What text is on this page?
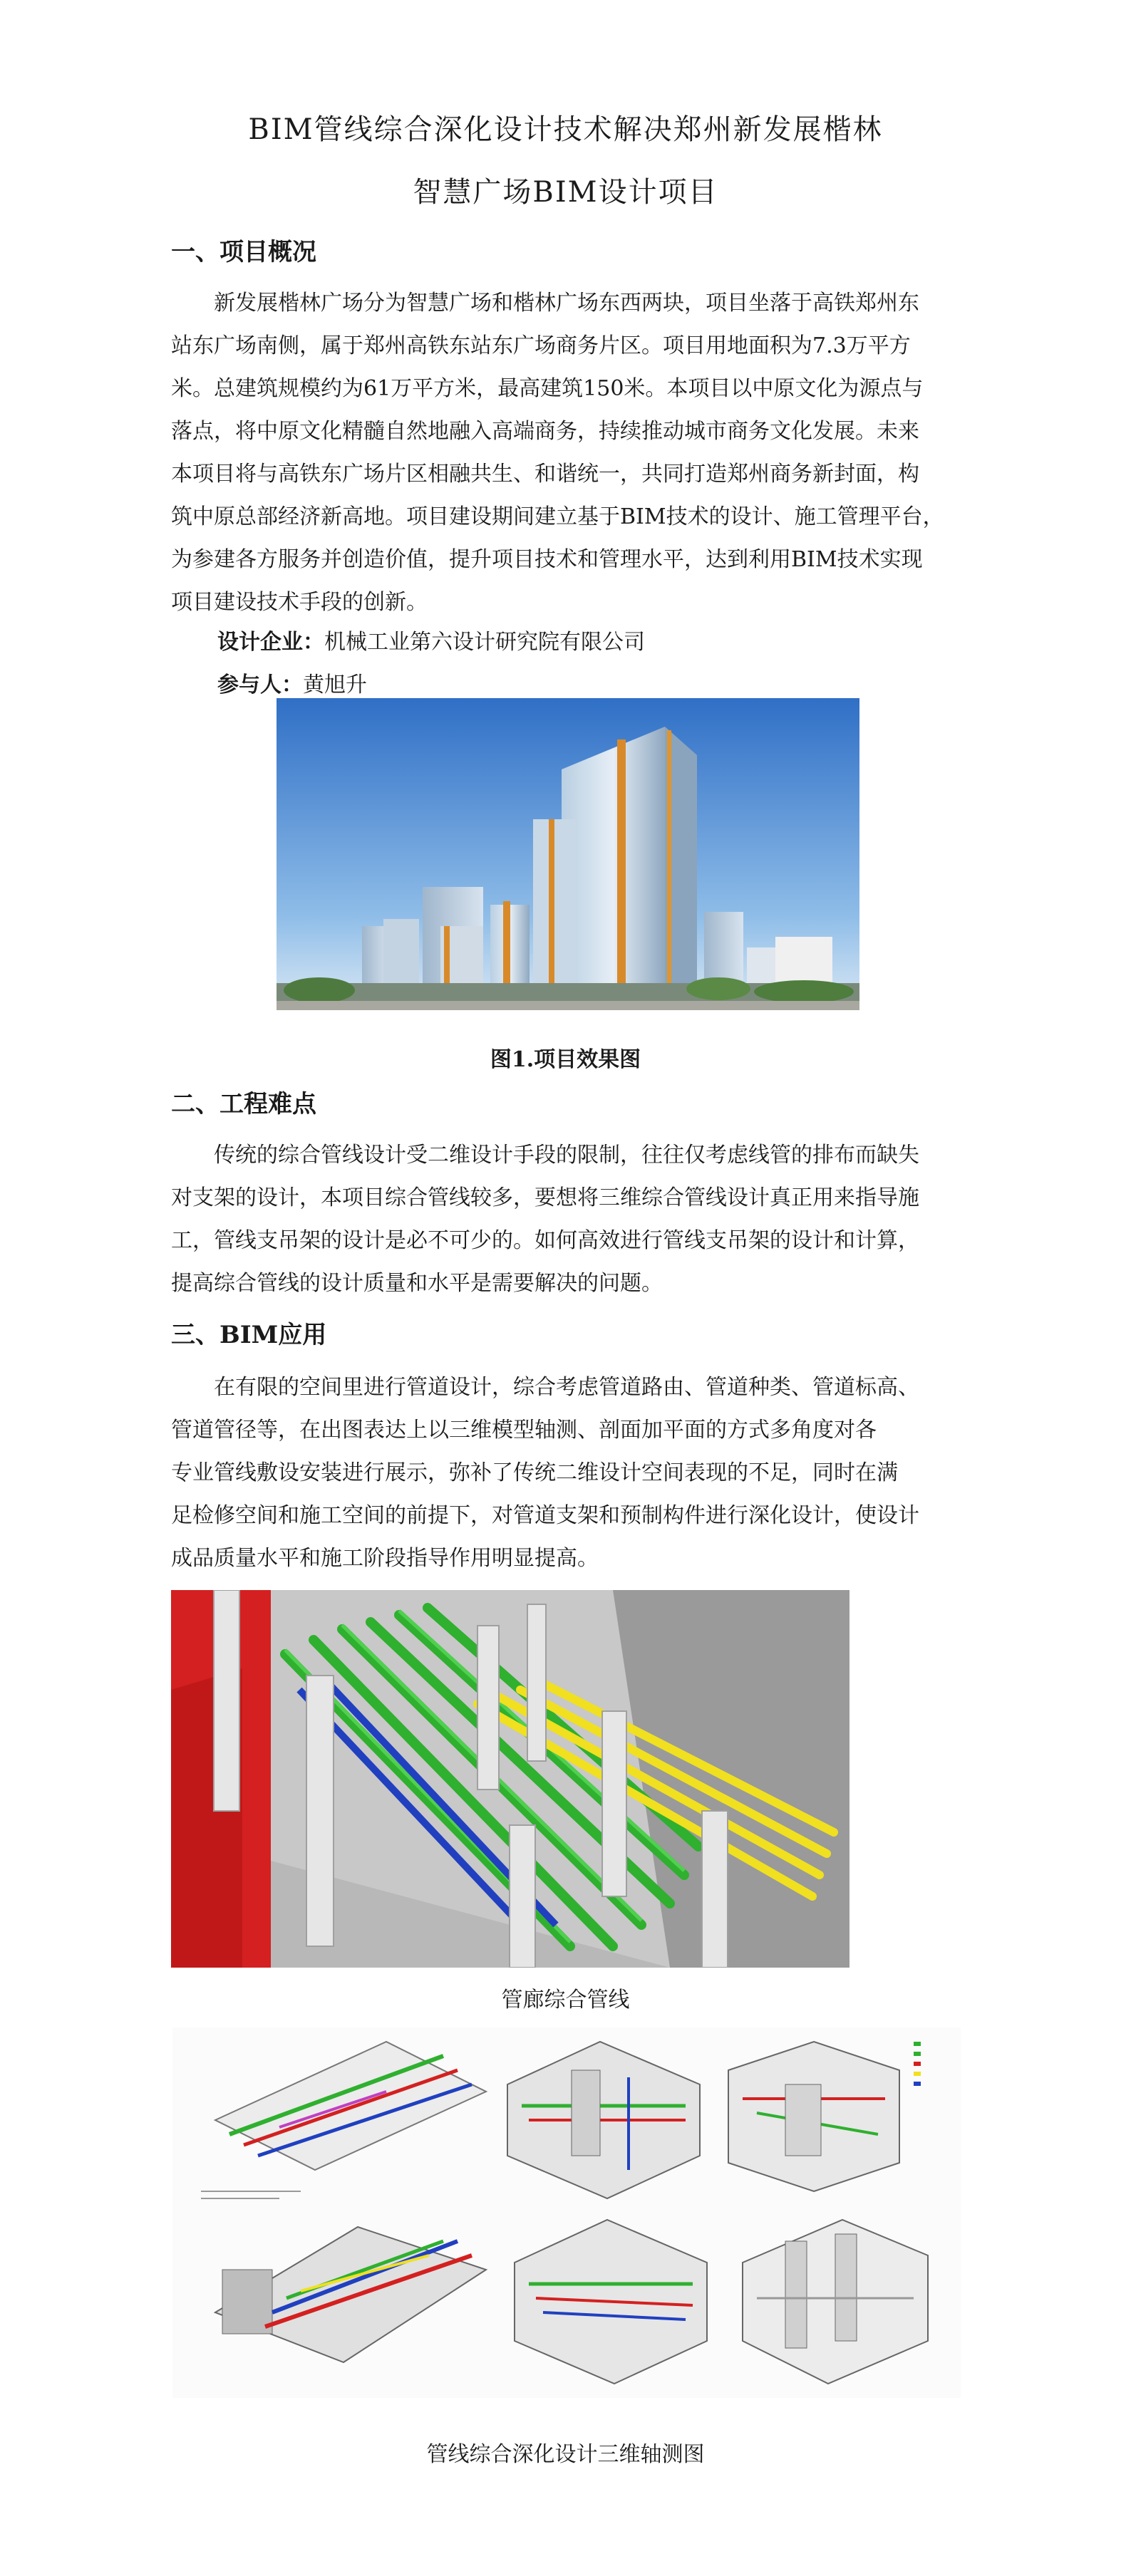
BIM管线综合深化设计技术解决郑州新发展楷林
智慧广场BIM设计项目
一、项目概况
　　新发展楷林广场分为智慧广场和楷林广场东西两块，项目坐落于高铁郑州东
站东广场南侧，属于郑州高铁东站东广场商务片区。项目用地面积为7.3万平方
米。总建筑规模约为61万平方米，最高建筑150米。本项目以中原文化为源点与
落点，将中原文化精髓自然地融入高端商务，持续推动城市商务文化发展。未来
本项目将与高铁东广场片区相融共生、和谐统一，共同打造郑州商务新封面，构
筑中原总部经济新高地。项目建设期间建立基于BIM技术的设计、施工管理平台，
为参建各方服务并创造价值，提升项目技术和管理水平，达到利用BIM技术实现
项目建设技术手段的创新。
设计企业：机械工业第六设计研究院有限公司
参与人：黄旭升
图1.项目效果图
二、工程难点
　　传统的综合管线设计受二维设计手段的限制，往往仅考虑线管的排布而缺失
对支架的设计，本项目综合管线较多，要想将三维综合管线设计真正用来指导施
工，管线支吊架的设计是必不可少的。如何高效进行管线支吊架的设计和计算，
提高综合管线的设计质量和水平是需要解决的问题。
三、BIM应用
　　在有限的空间里进行管道设计，综合考虑管道路由、管道种类、管道标高、
管道管径等，在出图表达上以三维模型轴测、剖面加平面的方式多角度对各
专业管线敷设安装进行展示，弥补了传统二维设计空间表现的不足，同时在满
足检修空间和施工空间的前提下，对管道支架和预制构件进行深化设计，使设计
成品质量水平和施工阶段指导作用明显提高。
管廊综合管线
管线综合深化设计三维轴测图
